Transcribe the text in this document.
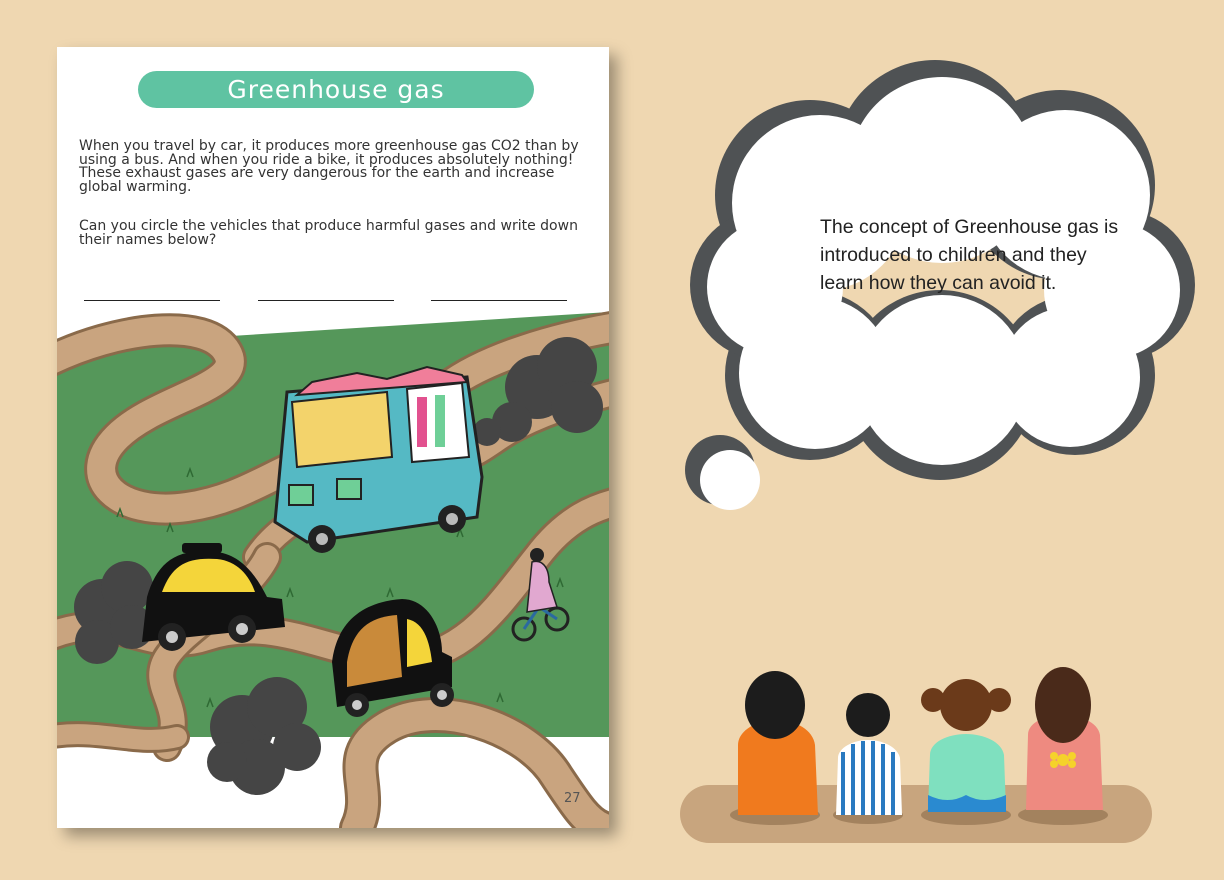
Greenhouse gas

When you travel by car, it produces more greenhouse gas CO2 than by using a bus. And when you ride a bike, it produces absolutely nothing! These exhaust gases are very dangerous for the earth and increase global warming.

Can you circle the vehicles that produce harmful gases and write down their names below?

27

The concept of Greenhouse gas is introduced to children and they learn how they can avoid it.
